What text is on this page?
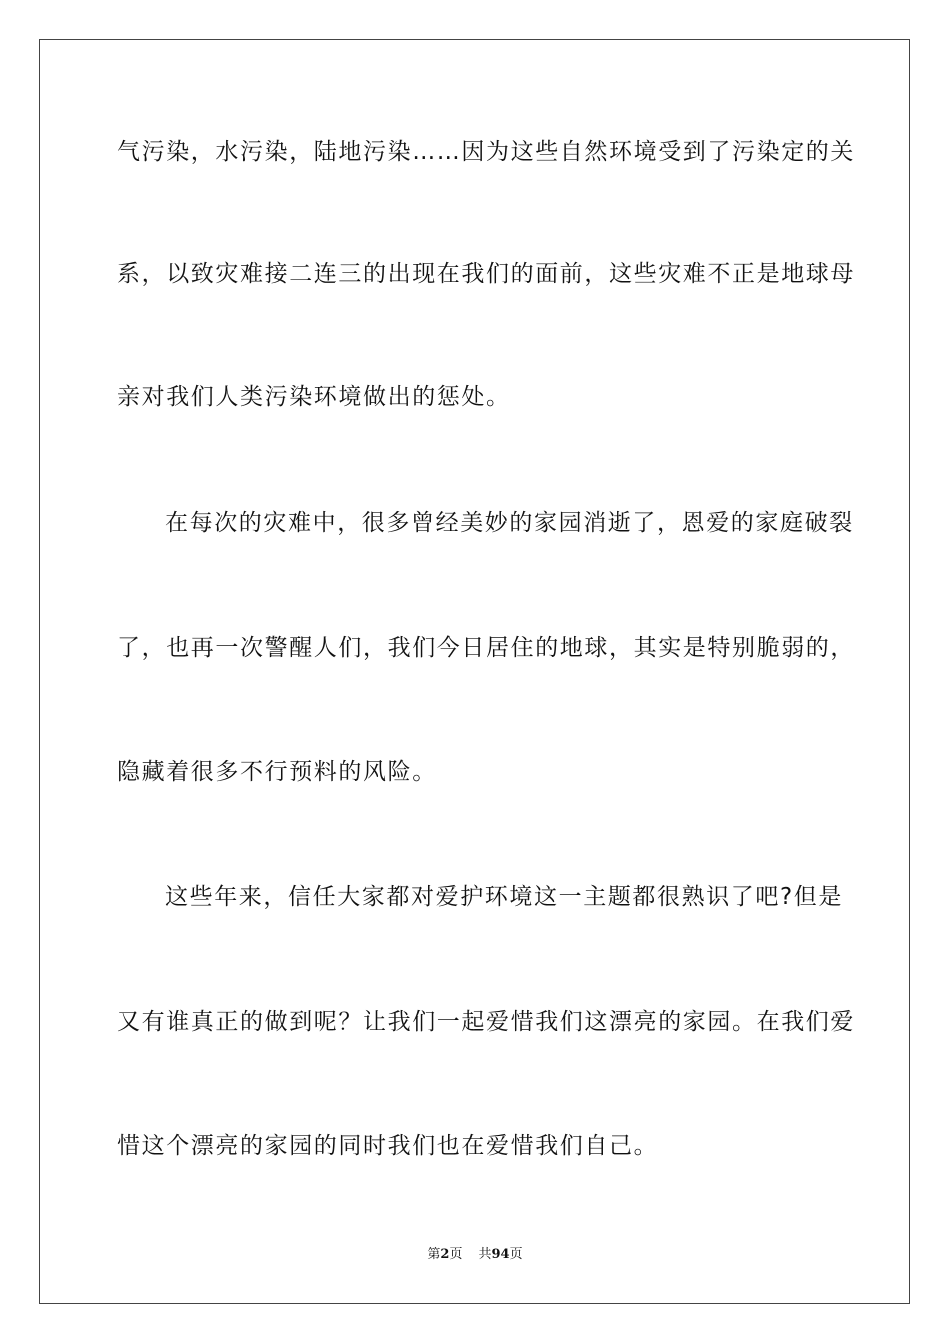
气污染，水污染，陆地污染……因为这些自然环境受到了污染定的关
系，以致灾难接二连三的出现在我们的面前，这些灾难不正是地球母
亲对我们人类污染环境做出的惩处。
在每次的灾难中，很多曾经美妙的家园消逝了，恩爱的家庭破裂
了，也再一次警醒人们，我们今日居住的地球，其实是特别脆弱的，
隐藏着很多不行预料的风险。
这些年来，信任大家都对爱护环境这一主题都很熟识了吧?但是
又有谁真正的做到呢？让我们一起爱惜我们这漂亮的家园。在我们爱
惜这个漂亮的家园的同时我们也在爱惜我们自己。
第2页 共94页
